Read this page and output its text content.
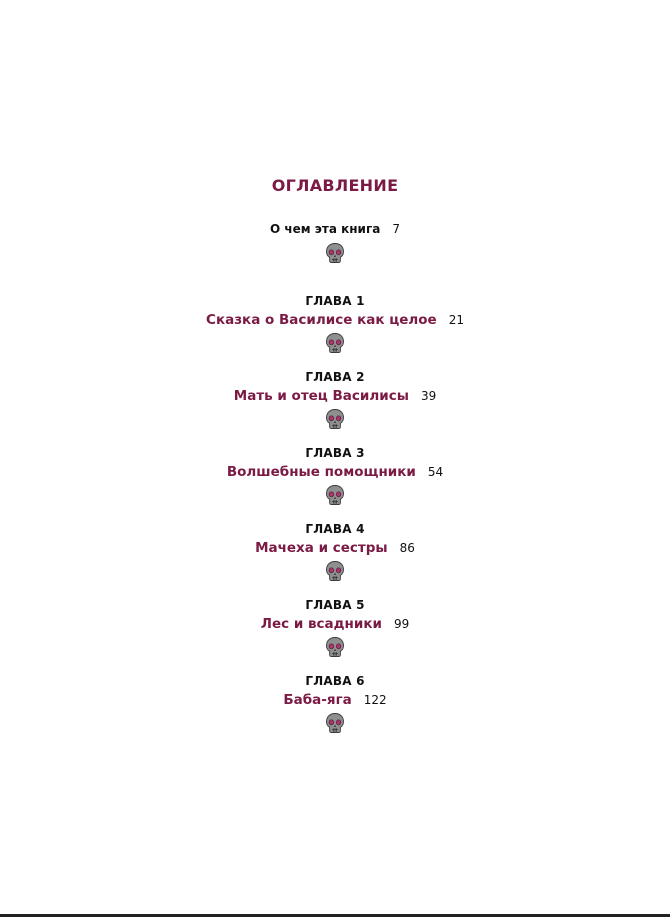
ОГЛАВЛЕНИЕ
О чем эта книга 7
ГЛАВА 1
Сказка о Василисе как целое 21
ГЛАВА 2
Мать и отец Василисы 39
ГЛАВА 3
Волшебные помощники 54
ГЛАВА 4
Мачеха и сестры 86
ГЛАВА 5
Лес и всадники 99
ГЛАВА 6
Баба-яга 122
